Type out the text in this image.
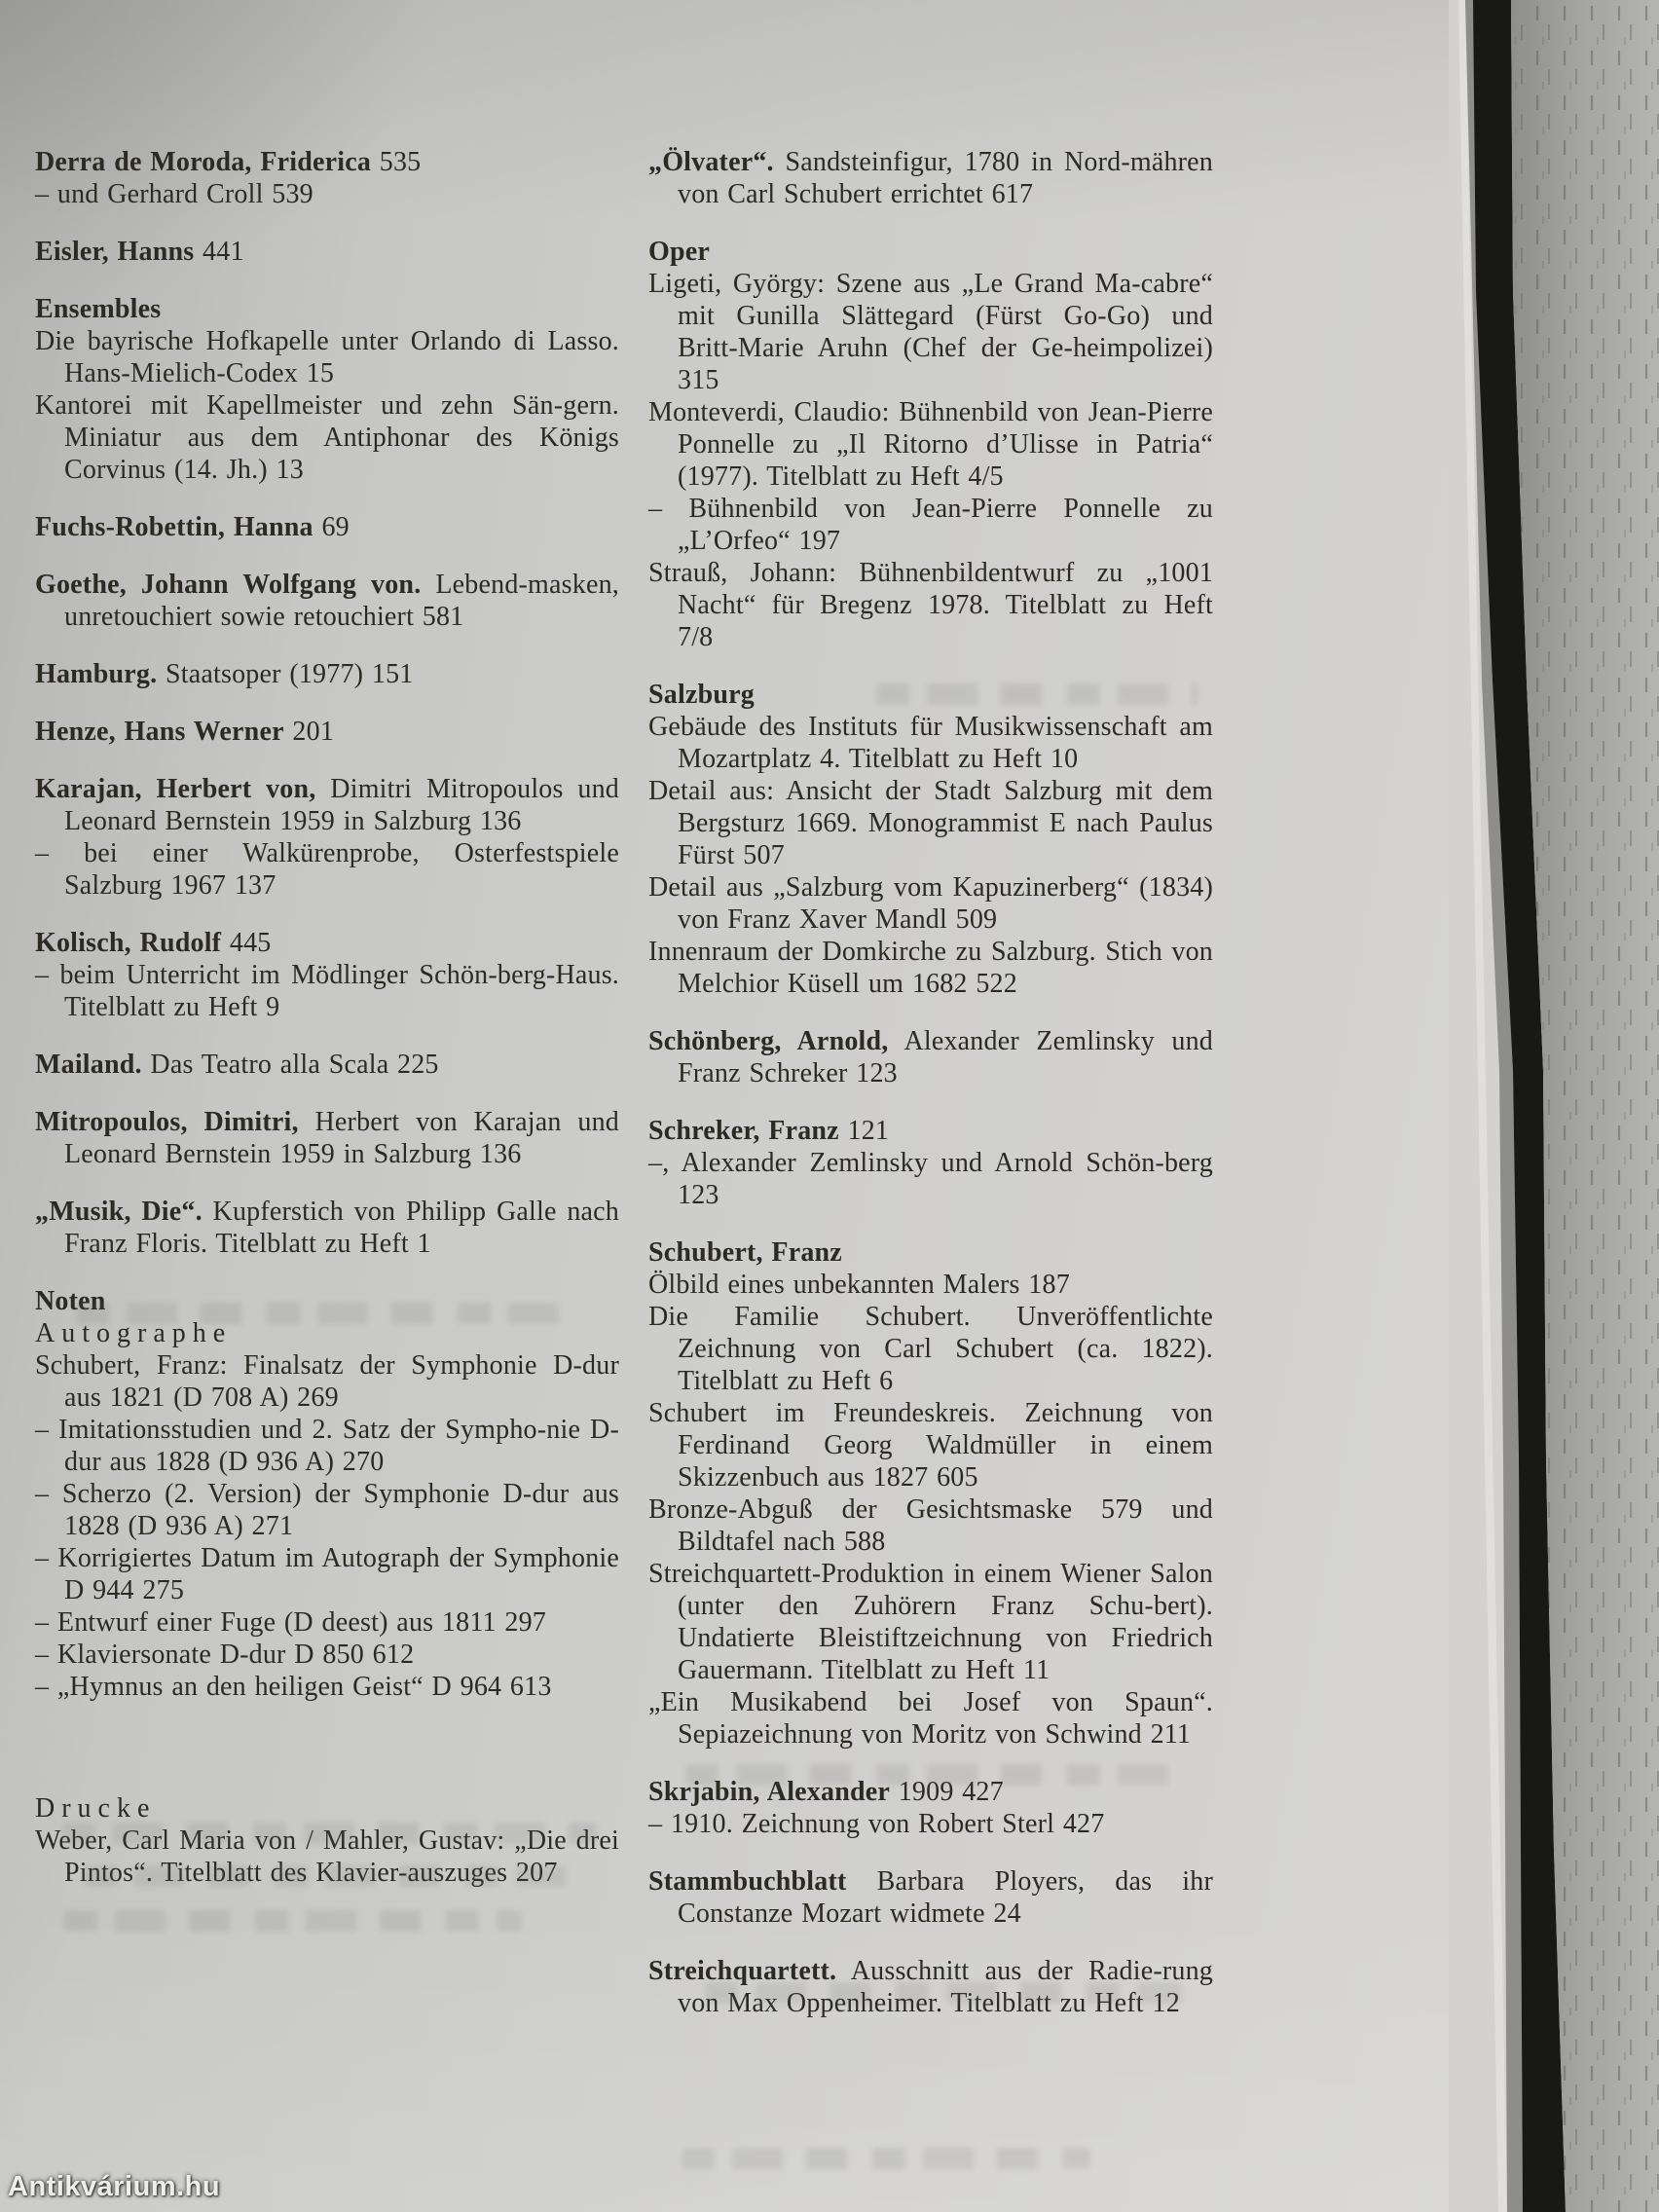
Derra de Moroda, Friderica 535

– und Gerhard Croll 539

Eisler, Hanns 441

Ensembles

Die bayrische Hofkapelle unter Orlando di Lasso. Hans-Mielich-Codex 15

Kantorei mit Kapellmeister und zehn Sän-gern. Miniatur aus dem Antiphonar des Königs Corvinus (14. Jh.) 13

Fuchs-Robettin, Hanna 69

Goethe, Johann Wolfgang von. Lebend-masken, unretouchiert sowie retouchiert 581

Hamburg. Staatsoper (1977) 151

Henze, Hans Werner 201

Karajan, Herbert von, Dimitri Mitropoulos und Leonard Bernstein 1959 in Salzburg 136

– bei einer Walkürenprobe, Osterfestspiele Salzburg 1967 137

Kolisch, Rudolf 445

– beim Unterricht im Mödlinger Schön-berg-Haus. Titelblatt zu Heft 9

Mailand. Das Teatro alla Scala 225

Mitropoulos, Dimitri, Herbert von Karajan und Leonard Bernstein 1959 in Salzburg 136

„Musik, Die“. Kupferstich von Philipp Galle nach Franz Floris. Titelblatt zu Heft 1

Noten

Autographe

Schubert, Franz: Finalsatz der Symphonie D-dur aus 1821 (D 708 A) 269

– Imitationsstudien und 2. Satz der Sympho-nie D-dur aus 1828 (D 936 A) 270

– Scherzo (2. Version) der Symphonie D-dur aus 1828 (D 936 A) 271

– Korrigiertes Datum im Autograph der Symphonie D 944 275

– Entwurf einer Fuge (D deest) aus 1811 297

– Klaviersonate D-dur D 850 612

– „Hymnus an den heiligen Geist“ D 964 613

Drucke

Weber, Carl Maria von / Mahler, Gustav: „Die drei Pintos“. Titelblatt des Klavier-auszuges 207

„Ölvater“. Sandsteinfigur, 1780 in Nord-mähren von Carl Schubert errichtet 617

Oper

Ligeti, György: Szene aus „Le Grand Ma-cabre“ mit Gunilla Slättegard (Fürst Go-Go) und Britt-Marie Aruhn (Chef der Ge-heimpolizei) 315

Monteverdi, Claudio: Bühnenbild von Jean-Pierre Ponnelle zu „Il Ritorno d’Ulisse in Patria“ (1977). Titelblatt zu Heft 4/5

– Bühnenbild von Jean-Pierre Ponnelle zu „L’Orfeo“ 197

Strauß, Johann: Bühnenbildentwurf zu „1001 Nacht“ für Bregenz 1978. Titelblatt zu Heft 7/8

Salzburg

Gebäude des Instituts für Musikwissenschaft am Mozartplatz 4. Titelblatt zu Heft 10

Detail aus: Ansicht der Stadt Salzburg mit dem Bergsturz 1669. Monogrammist E nach Paulus Fürst 507

Detail aus „Salzburg vom Kapuzinerberg“ (1834) von Franz Xaver Mandl 509

Innenraum der Domkirche zu Salzburg. Stich von Melchior Küsell um 1682 522

Schönberg, Arnold, Alexander Zemlinsky und Franz Schreker 123

Schreker, Franz 121

–, Alexander Zemlinsky und Arnold Schön-berg 123

Schubert, Franz

Ölbild eines unbekannten Malers 187

Die Familie Schubert. Unveröffentlichte Zeichnung von Carl Schubert (ca. 1822). Titelblatt zu Heft 6

Schubert im Freundeskreis. Zeichnung von Ferdinand Georg Waldmüller in einem Skizzenbuch aus 1827 605

Bronze-Abguß der Gesichtsmaske 579 und Bildtafel nach 588

Streichquartett-Produktion in einem Wiener Salon (unter den Zuhörern Franz Schu-bert). Undatierte Bleistiftzeichnung von Friedrich Gauermann. Titelblatt zu Heft 11

„Ein Musikabend bei Josef von Spaun“. Sepiazeichnung von Moritz von Schwind 211

Skrjabin, Alexander 1909 427

– 1910. Zeichnung von Robert Sterl 427

Stammbuchblatt Barbara Ployers, das ihr Constanze Mozart widmete 24

Streichquartett. Ausschnitt aus der Radie-rung von Max Oppenheimer. Titelblatt zu Heft 12

Antikvárium.hu
